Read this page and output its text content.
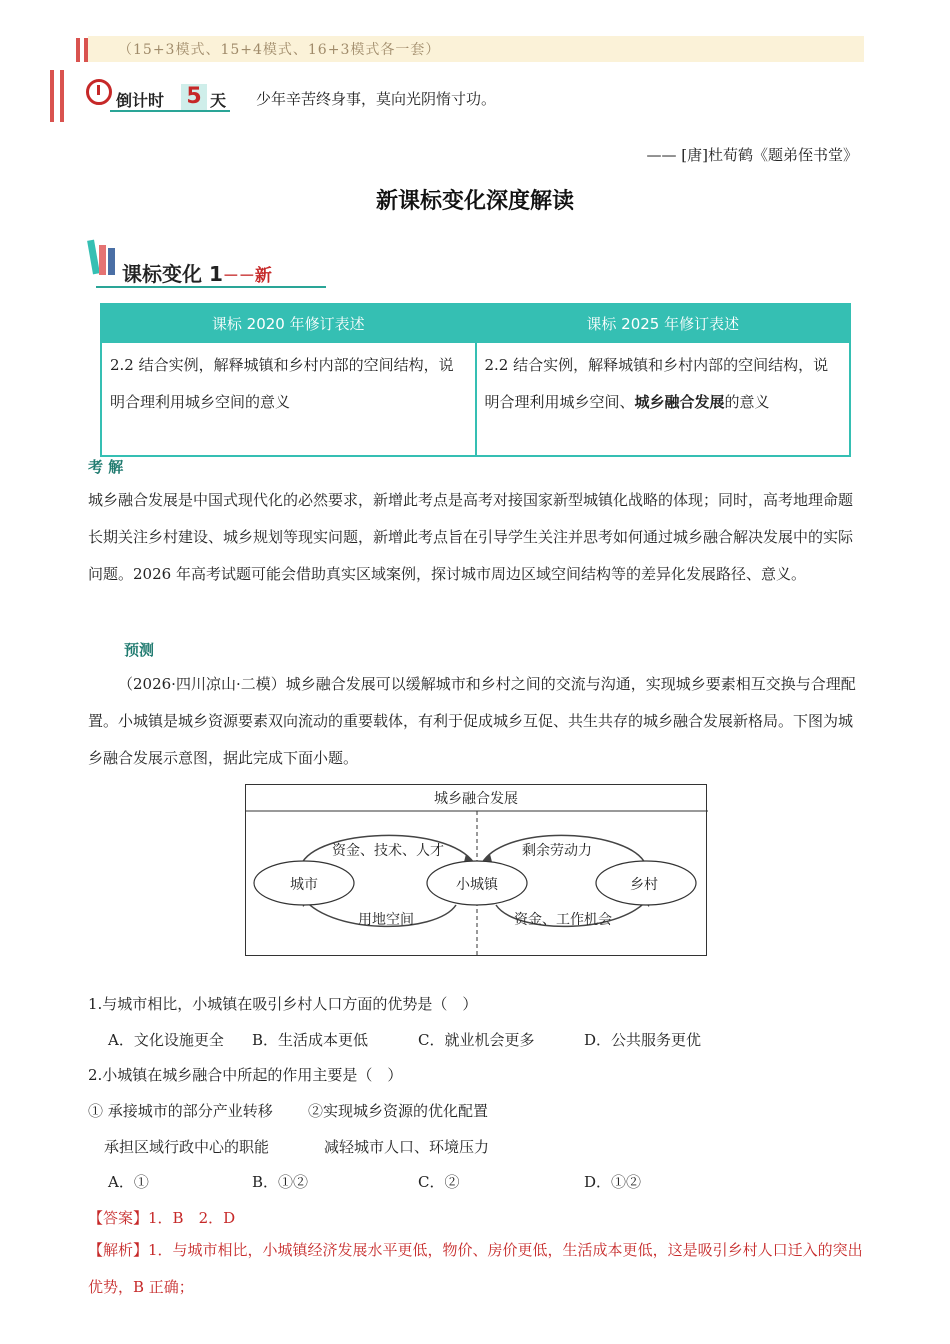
（15+3模式、15+4模式、16+3模式各一套）
倒计时 5 天 少年辛苦终身事，莫向光阴惰寸功。
—— [唐]杜荀鹤《题弟侄书堂》
新课标变化深度解读
课标变化 1－－新
课标 2020 年修订表述	课标 2025 年修订表述
2.2 结合实例，解释城镇和乡村内部的空间结构，说明合理利用城乡空间的意义	2.2 结合实例，解释城镇和乡村内部的空间结构，说明合理利用城乡空间、城乡融合发展的意义
考 解
城乡融合发展是中国式现代化的必然要求，新增此考点是高考对接国家新型城镇化战略的体现；同时，高考地理命题长期关注乡村建设、城乡规划等现实问题，新增此考点旨在引导学生关注并思考如何通过城乡融合解决发展中的实际问题。2026 年高考试题可能会借助真实区域案例，探讨城市周边区域空间结构等的差异化发展路径、意义。
预测
（2026·四川凉山·二模）城乡融合发展可以缓解城市和乡村之间的交流与沟通，实现城乡要素相互交换与合理配置。小城镇是城乡资源要素双向流动的重要载体，有利于促成城乡互促、共生共存的城乡融合发展新格局。下图为城乡融合发展示意图，据此完成下面小题。
城乡融合发展
城市	小城镇	乡村
资金、技术、人才
用地空间
剩余劳动力
资金、工作机会
1.与城市相比，小城镇在吸引乡村人口方面的优势是（　）
A．文化设施更全 B．生活成本更低	C．就业机会更多	D．公共服务更优
2.小城镇在城乡融合中所起的作用主要是（　）
① 承接城市的部分产业转移 ②实现城乡资源的优化配置
承担区域行政中心的职能	减轻城市人口、环境压力
A．①	B．①②	C．②	D．①②
【答案】1．B　2．D
【解析】1．与城市相比，小城镇经济发展水平更低，物价、房价更低，生活成本更低，这是吸引乡村人口迁入的突出优势，B 正确；
